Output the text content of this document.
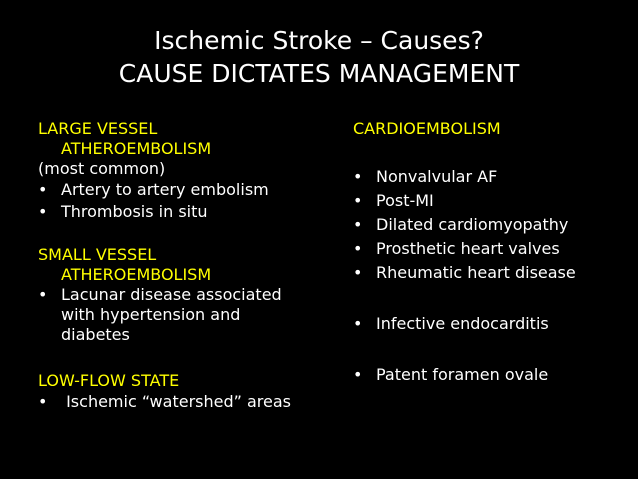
Ischemic Stroke – Causes?
CAUSE DICTATES MANAGEMENT
LARGE VESSEL
ATHEROEMBOLISM
(most common)
• Artery to artery embolism
• Thrombosis in situ
SMALL VESSEL
ATHEROEMBOLISM
• Lacunar disease associated
with hypertension and
diabetes
LOW-FLOW STATE
• Ischemic “watershed” areas
CARDIOEMBOLISM
• Nonvalvular AF
• Post-MI
• Dilated cardiomyopathy
• Prosthetic heart valves
• Rheumatic heart disease
• Infective endocarditis
• Patent foramen ovale
